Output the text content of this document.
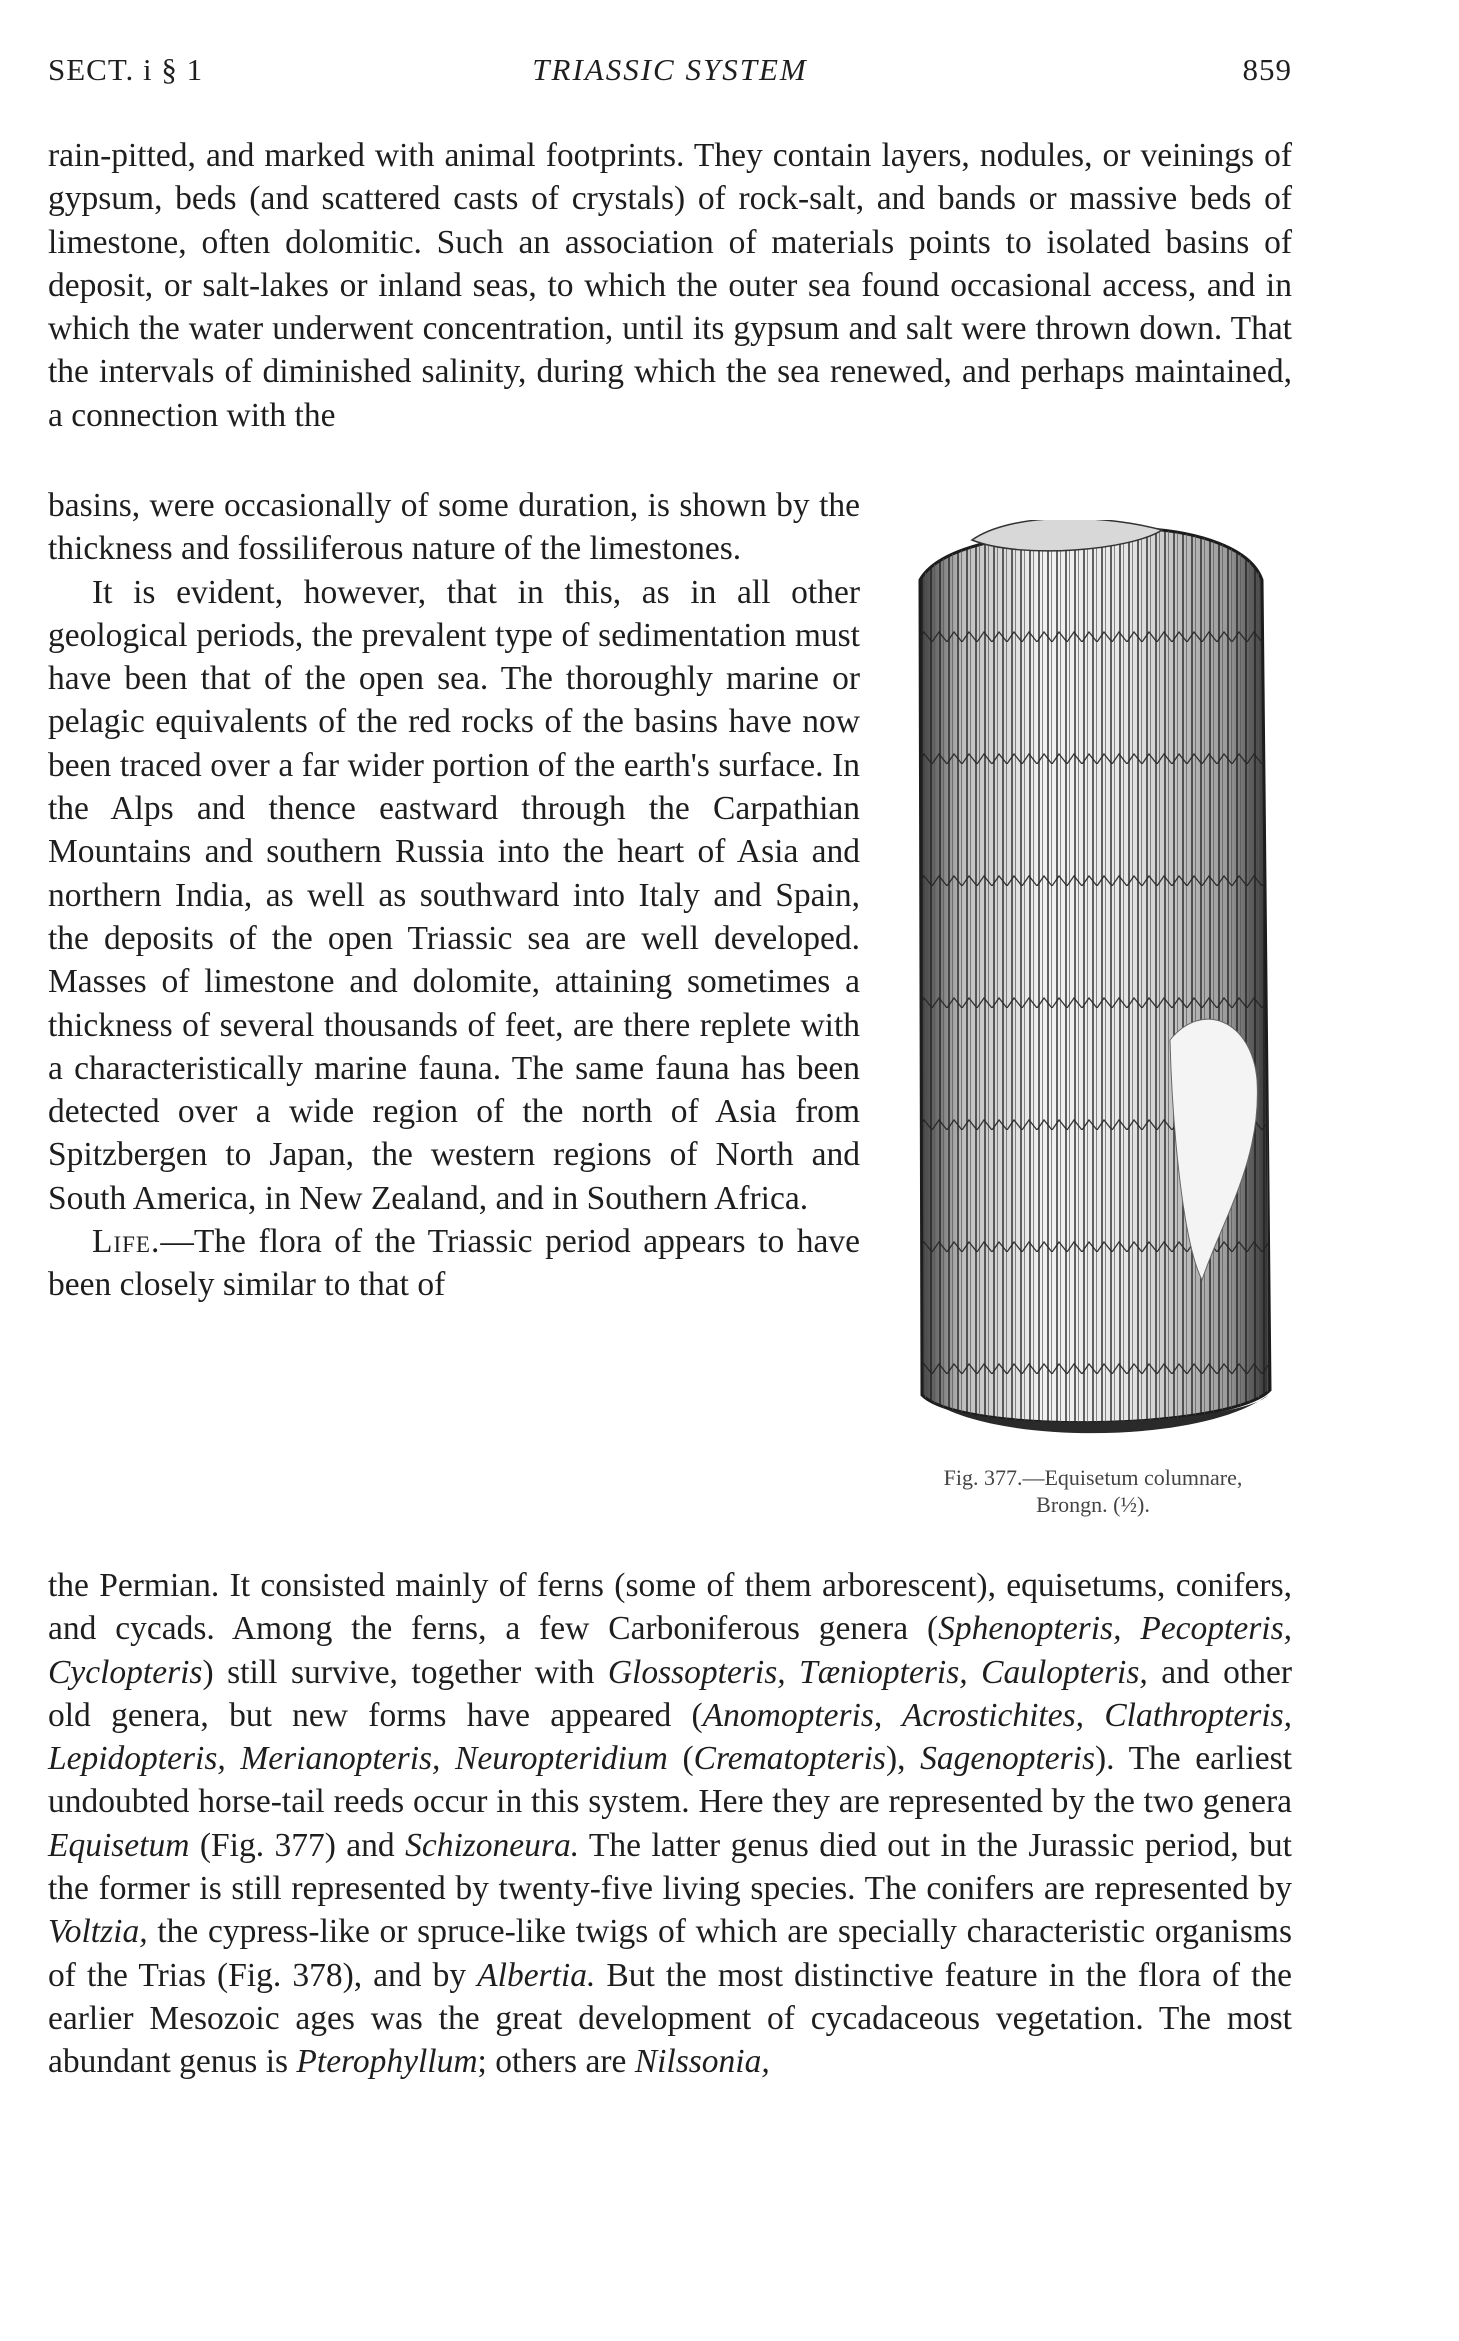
SECT. i § 1	TRIASSIC SYSTEM	859

rain-pitted, and marked with animal footprints. They contain layers, nodules, or veinings of gypsum, beds (and scattered casts of crystals) of rock-salt, and bands or massive beds of limestone, often dolomitic. Such an association of materials points to isolated basins of deposit, or salt-lakes or inland seas, to which the outer sea found occasional access, and in which the water underwent concentration, until its gypsum and salt were thrown down. That the intervals of diminished salinity, during which the sea renewed, and perhaps maintained, a connection with the

basins, were occasionally of some duration, is shown by the thickness and fossiliferous nature of the limestones.

It is evident, however, that in this, as in all other geological periods, the prevalent type of sedimentation must have been that of the open sea. The thoroughly marine or pelagic equivalents of the red rocks of the basins have now been traced over a far wider portion of the earth's surface. In the Alps and thence eastward through the Carpathian Mountains and southern Russia into the heart of Asia and northern India, as well as southward into Italy and Spain, the deposits of the open Triassic sea are well developed. Masses of limestone and dolomite, attaining sometimes a thickness of several thousands of feet, are there replete with a characteristically marine fauna. The same fauna has been detected over a wide region of the north of Asia from Spitzbergen to Japan, the western regions of North and South America, in New Zealand, and in Southern Africa.

Life.—The flora of the Triassic period appears to have been closely similar to that of

the Permian. It consisted mainly of ferns (some of them arborescent), equisetums, conifers, and cycads. Among the ferns, a few Carboniferous genera (Sphenopteris, Pecopteris, Cyclopteris) still survive, together with Glossopteris, Tæniopteris, Caulopteris, and other old genera, but new forms have appeared (Anomopteris, Acrostichites, Clathropteris, Lepidopteris, Merianopteris, Neuropteridium (Crematopteris), Sagenopteris). The earliest undoubted horse-tail reeds occur in this system. Here they are represented by the two genera Equisetum (Fig. 377) and Schizoneura. The latter genus died out in the Jurassic period, but the former is still represented by twenty-five living species. The conifers are represented by Voltzia, the cypress-like or spruce-like twigs of which are specially characteristic organisms of the Trias (Fig. 378), and by Albertia. But the most distinctive feature in the flora of the earlier Mesozoic ages was the great development of cycadaceous vegetation. The most abundant genus is Pterophyllum; others are Nilssonia,

Fig. 377.—Equisetum columnare,
Brongn. (½).
